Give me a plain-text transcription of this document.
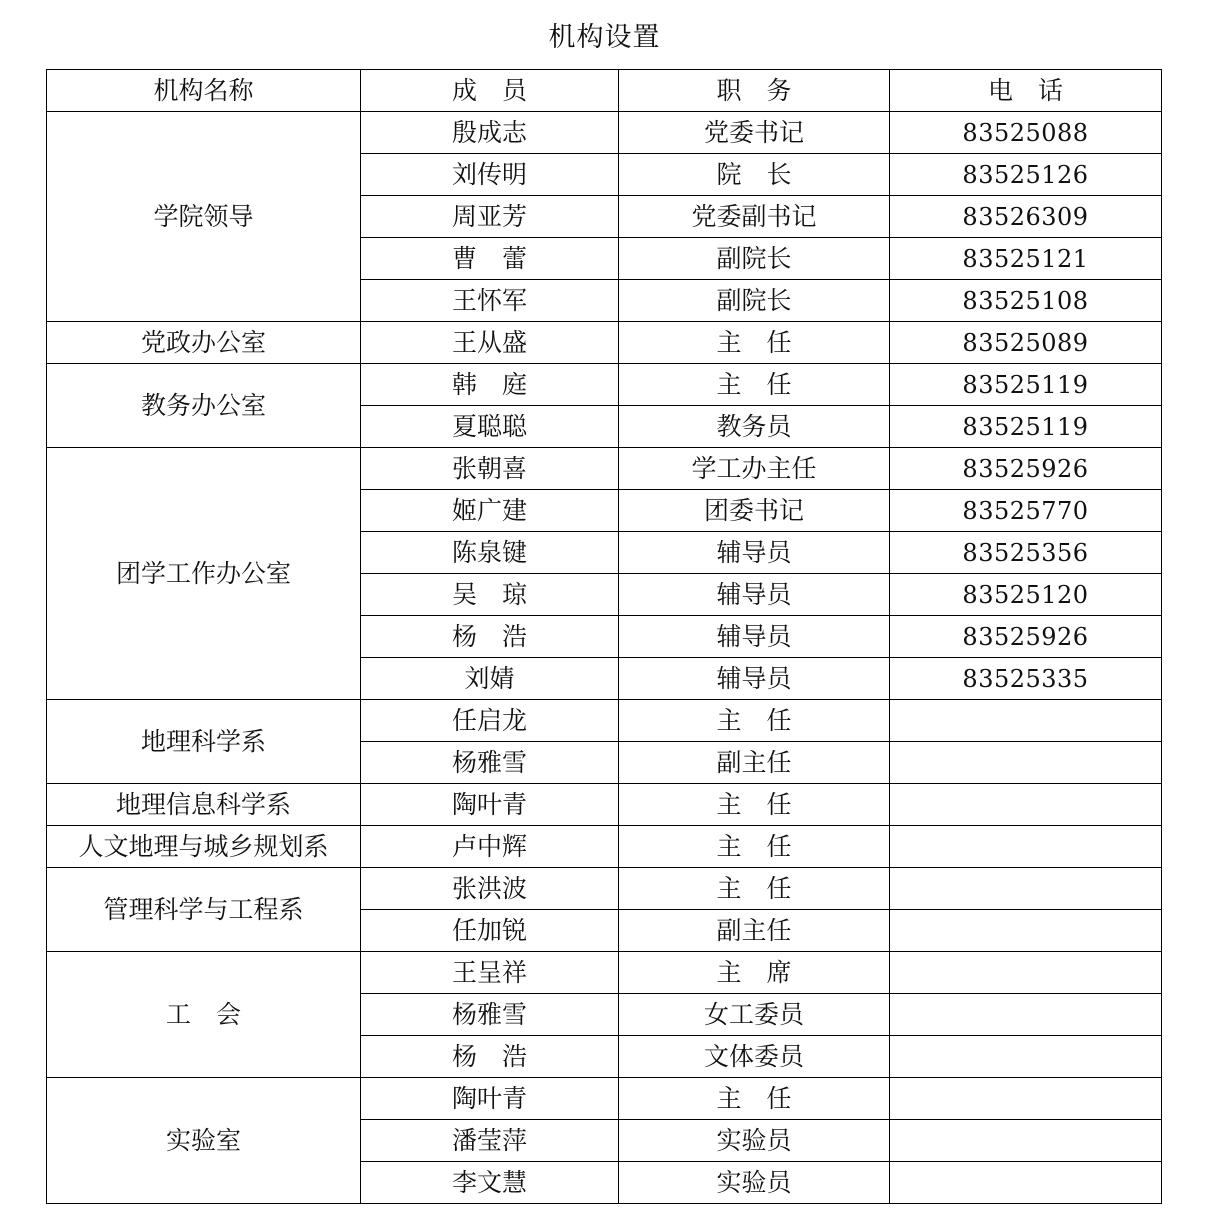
机构设置
机构名称	成　员	职　务	电　话
学院领导	殷成志	党委书记	83525088
	刘传明	院　长	83525126
	周亚芳	党委副书记	83526309
	曹　蕾	副院长	83525121
	王怀军	副院长	83525108
党政办公室	王从盛	主　任	83525089
教务办公室	韩　庭	主　任	83525119
	夏聪聪	教务员	83525119
团学工作办公室	张朝喜	学工办主任	83525926
	姬广建	团委书记	83525770
	陈泉键	辅导员	83525356
	吴　琼	辅导员	83525120
	杨　浩	辅导员	83525926
	刘婧	辅导员	83525335
地理科学系	任启龙	主　任	
	杨雅雪	副主任	
地理信息科学系	陶叶青	主　任	
人文地理与城乡规划系	卢中辉	主　任	
管理科学与工程系	张洪波	主　任	
	任加锐	副主任	
工　会	王呈祥	主　席	
	杨雅雪	女工委员	
	杨　浩	文体委员	
实验室	陶叶青	主　任	
	潘莹萍	实验员	
	李文慧	实验员	
